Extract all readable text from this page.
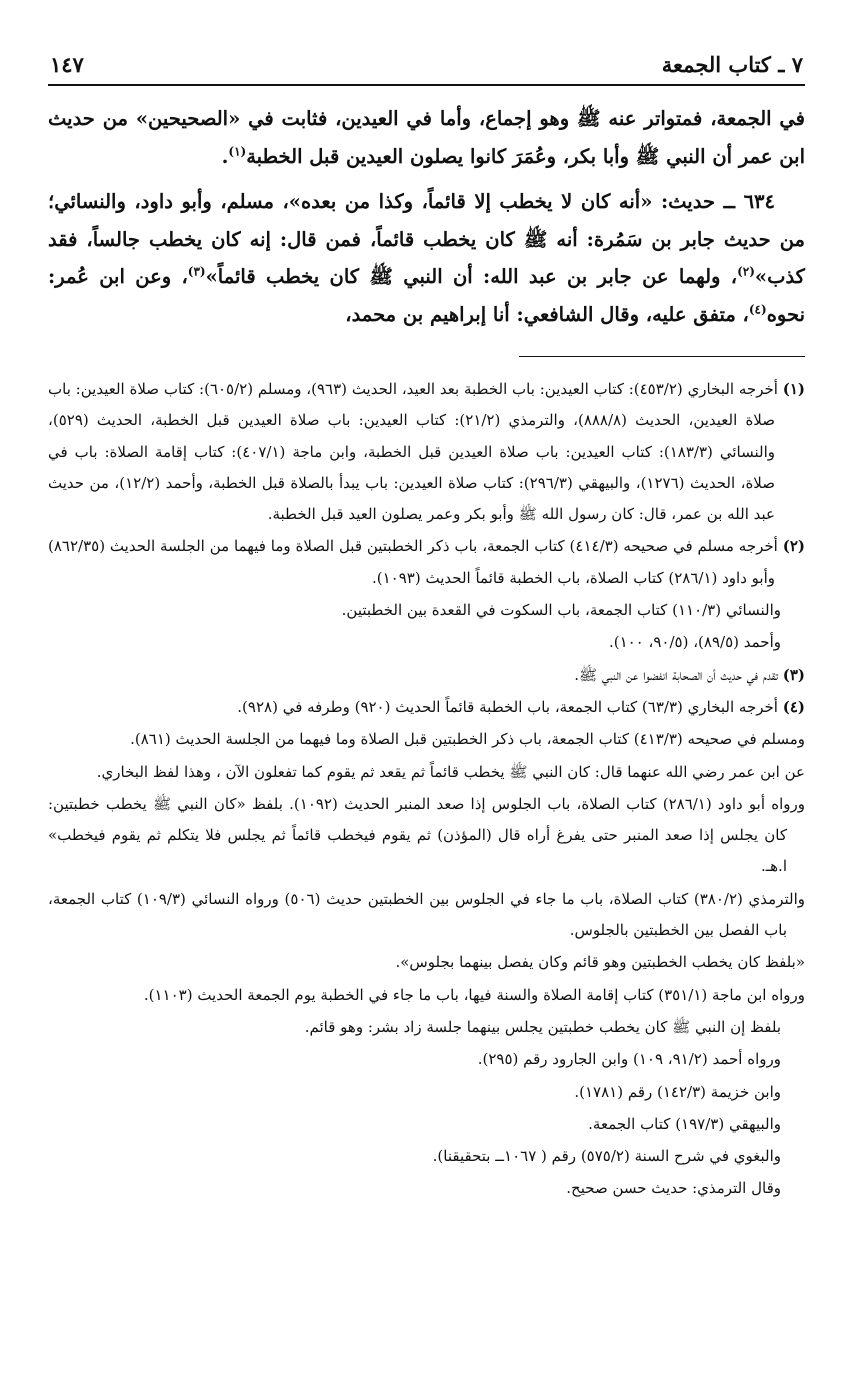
٧ ـ كتاب الجمعة
١٤٧

في الجمعة، فمتواتر عنه ﷺ وهو إجماع، وأما في العيدين، فثابت في «الصحيحين» من حديث ابن عمر أن النبي ﷺ وأبا بكر، وعُمَرَ كانوا يصلون العيدين قبل الخطبة$^{(١)}$.

٦٣٤ ــ حديث: «أنه كان لا يخطب إلا قائماً، وكذا من بعده»، مسلم، وأبو داود، والنسائي؛ من حديث جابر بن سَمُرة: أنه ﷺ كان يخطب قائماً، فمن قال: إنه كان يخطب جالساً، فقد كذب»$^{(٢)}$، ولهما عن جابر بن عبد الله: أن النبي ﷺ كان يخطب قائماً»$^{(٣)}$، وعن ابن عُمر: نحوه$^{(٤)}$، متفق عليه، وقال الشافعي: أنا إبراهيم بن محمد،

(١) أخرجه البخاري (٤٥٣/٢): كتاب العيدين: باب الخطبة بعد العيد، الحديث (٩٦٣)، ومسلم (٦٠٥/٢): كتاب صلاة العيدين: باب صلاة العيدين، الحديث (٨٨٨/٨)، والترمذي (٢١/٢): كتاب العيدين: باب صلاة العيدين قبل الخطبة، الحديث (٥٢٩)، والنسائي (١٨٣/٣): كتاب العيدين: باب صلاة العيدين قبل الخطبة، وابن ماجة (٤٠٧/١): كتاب إقامة الصلاة: باب في صلاة، الحديث (١٢٧٦)، والبيهقي (٢٩٦/٣): كتاب صلاة العيدين: باب يبدأ بالصلاة قبل الخطبة، وأحمد (١٢/٢)، من حديث عبد الله بن عمر، قال: كان رسول الله ﷺ وأبو بكر وعمر يصلون العيد قبل الخطبة.

(٢) أخرجه مسلم في صحيحه (٤١٤/٣) كتاب الجمعة، باب ذكر الخطبتين قبل الصلاة وما فيهما من الجلسة الحديث (٨٦٢/٣٥) وأبو داود (٢٨٦/١) كتاب الصلاة، باب الخطبة قائماً الحديث (١٠٩٣).

والنسائي (١١٠/٣) كتاب الجمعة، باب السكوت في القعدة بين الخطبتين.

وأحمد (٨٩/٥)، (٩٠/٥، ١٠٠).

(٣) تقدم في حديث أن الصحابة انفضوا عن النبي ﷺ.

(٤) أخرجه البخاري (٦٣/٣) كتاب الجمعة، باب الخطبة قائماً الحديث (٩٢٠) وطرفه في (٩٢٨).

ومسلم في صحيحه (٤١٣/٣) كتاب الجمعة، باب ذكر الخطبتين قبل الصلاة وما فيهما من الجلسة الحديث (٨٦١).

عن ابن عمر رضي الله عنهما قال: كان النبي ﷺ يخطب قائماً ثم يقعد ثم يقوم كما تفعلون الآن ، وهذا لفظ البخاري.

ورواه أبو داود (٢٨٦/١) كتاب الصلاة، باب الجلوس إذا صعد المنبر الحديث (١٠٩٢). بلفظ «كان النبي ﷺ يخطب خطبتين: كان يجلس إذا صعد المنبر حتى يفرغ أراه قال (المؤذن) ثم يقوم فيخطب قائماً ثم يجلس فلا يتكلم ثم يقوم فيخطب» ا.هـ.

والترمذي (٣٨٠/٢) كتاب الصلاة، باب ما جاء في الجلوس بين الخطبتين حديث (٥٠٦) ورواه النسائي (١٠٩/٣) كتاب الجمعة، باب الفصل بين الخطبتين بالجلوس.

«بلفظ كان يخطب الخطبتين وهو قائم وكان يفصل بينهما بجلوس».

ورواه ابن ماجة (٣٥١/١) كتاب إقامة الصلاة والسنة فيها، باب ما جاء في الخطبة يوم الجمعة الحديث (١١٠٣).

بلفظ إن النبي ﷺ كان يخطب خطبتين يجلس بينهما جلسة زاد بشر: وهو قائم.

ورواه أحمد (٩١/٢، ١٠٩) وابن الجارود رقم (٢٩٥).

وابن خزيمة (١٤٢/٣) رقم (١٧٨١).

والبيهقي (١٩٧/٣) كتاب الجمعة.

والبغوي في شرح السنة (٥٧٥/٢) رقم ( ١٠٦٧ــ بتحقيقنا).

وقال الترمذي: حديث حسن صحيح.
